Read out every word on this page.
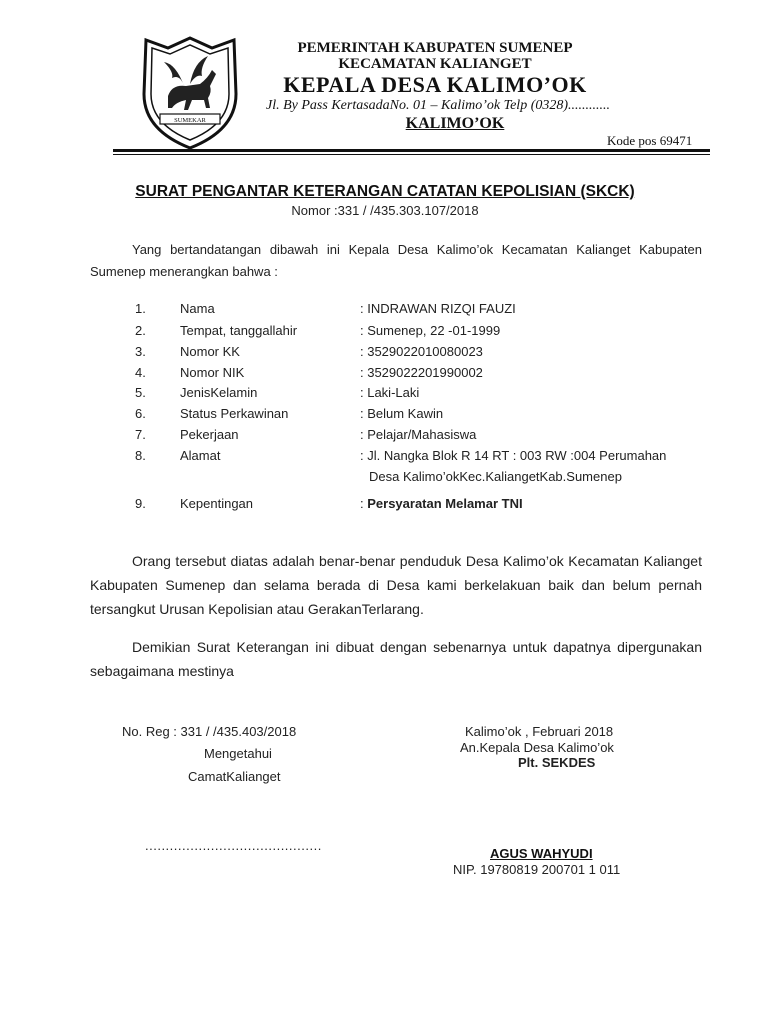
SUMEKAR
PEMERINTAH KABUPATEN SUMENEP
KECAMATAN KALIANGET
KEPALA DESA KALIMO’OK
Jl. By Pass KertasadaNo. 01 – Kalimo’ok Telp (0328)............
KALIMO’OK
Kode pos 69471
SURAT PENGANTAR KETERANGAN CATATAN KEPOLISIAN (SKCK)
Nomor :331 / /435.303.107/2018
Yang bertandatangan dibawah ini Kepala Desa Kalimo’ok Kecamatan Kalianget Kabupaten Sumenep menerangkan bahwa :
1.	Nama	: INDRAWAN RIZQI FAUZI
2.	Tempat, tanggallahir	: Sumenep, 22 -01-1999
3.	Nomor KK	: 3529022010080023
4.	Nomor NIK	: 3529022201990002
5.	JenisKelamin	: Laki-Laki
6.	Status Perkawinan	: Belum Kawin
7.	Pekerjaan	: Pelajar/Mahasiswa
8.	Alamat	: Jl. Nangka Blok R 14 RT : 003 RW :004 Perumahan
Desa Kalimo’okKec.KaliangetKab.Sumenep
9.	Kepentingan	: Persyaratan Melamar TNI
Orang tersebut diatas adalah benar-benar penduduk Desa Kalimo’ok Kecamatan Kalianget Kabupaten Sumenep dan selama berada di Desa kami berkelakuan baik dan belum pernah tersangkut Urusan Kepolisian atau GerakanTerlarang.
Demikian Surat Keterangan ini dibuat dengan sebenarnya untuk dapatnya dipergunakan sebagaimana mestinya
No. Reg : 331 / /435.403/2018
Mengetahui
CamatKalianget
...........................................
Kalimo’ok , Februari 2018
An.Kepala Desa Kalimo’ok
Plt. SEKDES
AGUS WAHYUDI
NIP. 19780819 200701 1 011
